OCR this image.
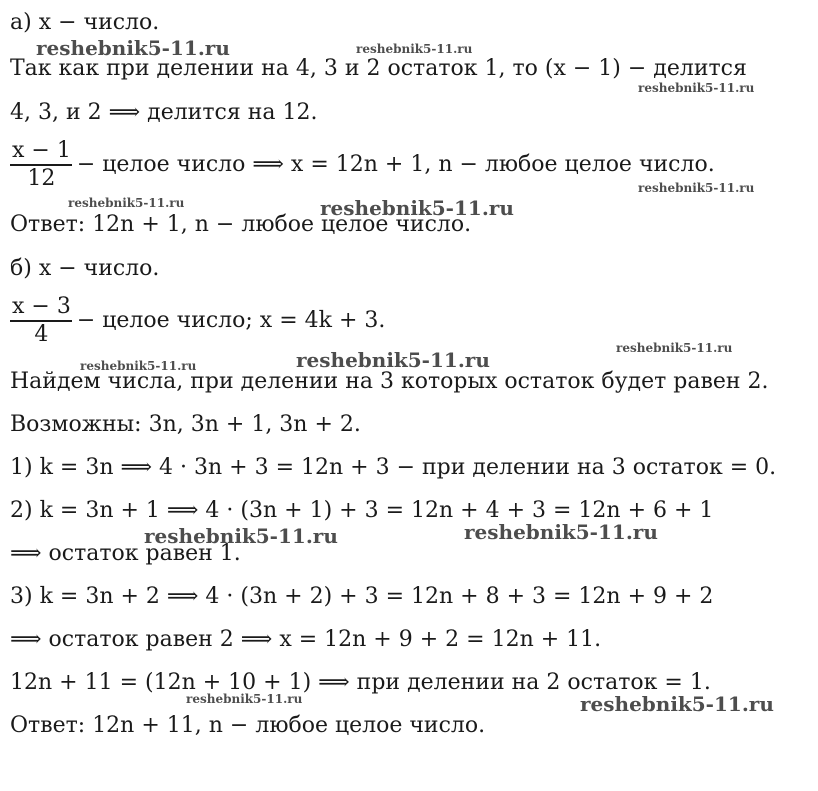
а) x − число.
Так как при делении на 4, 3 и 2 остаток 1, то (x − 1) − делится
4, 3, и 2 ⟹ делится на 12.
$\frac{x - 1}{12}$ − целое число ⟹ x = 12n + 1, n − любое целое число.
Ответ: 12n + 1, n − любое целое число.
б) x − число.
$\frac{x - 3}{4}$ − целое число; x = 4k + 3.
Найдем числа, при делении на 3 которых остаток будет равен 2.
Возможны: 3n, 3n + 1, 3n + 2.
1) k = 3n ⟹ 4 · 3n + 3 = 12n + 3 − при делении на 3 остаток = 0.
2) k = 3n + 1 ⟹ 4 · (3n + 1) + 3 = 12n + 4 + 3 = 12n + 6 + 1
⟹ остаток равен 1.
3) k = 3n + 2 ⟹ 4 · (3n + 2) + 3 = 12n + 8 + 3 = 12n + 9 + 2
⟹ остаток равен 2 ⟹ x = 12n + 9 + 2 = 12n + 11.
12n + 11 = (12n + 10 + 1) ⟹ при делении на 2 остаток = 1.
Ответ: 12n + 11, n − любое целое число.
reshebnik5-11.ru	reshebnik5-11.ru
reshebnik5-11.ru
reshebnik5-11.ru
reshebnik5-11.ru	reshebnik5-11.ru
reshebnik5-11.ru
reshebnik5-11.ru	reshebnik5-11.ru
reshebnik5-11.ru	reshebnik5-11.ru
reshebnik5-11.ru	reshebnik5-11.ru
